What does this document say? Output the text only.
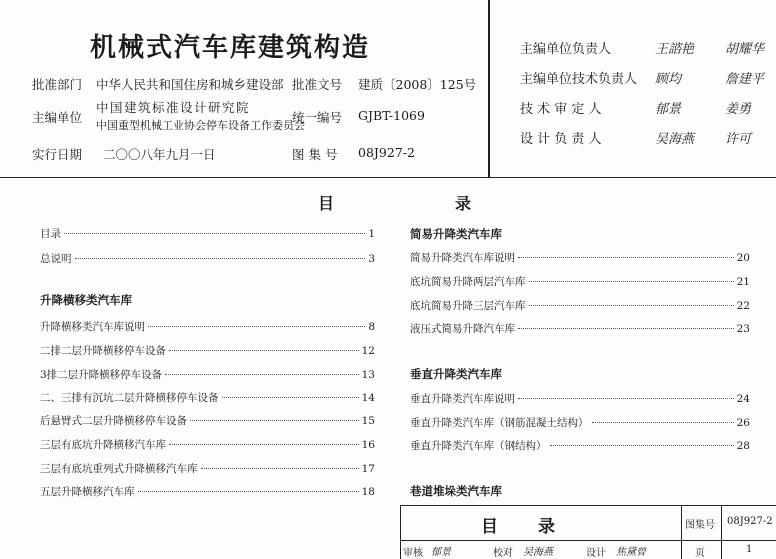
机械式汽车库建筑构造
批准部门 中华人民共和国住房和城乡建设部 批准文号 建质〔2008〕125号
主编单位
中国建筑标准设计研究院
中国重型机械工业协会停车设备工作委员会
统一编号 GJBT-1069
实行日期 二〇〇八年九月一日	图 集 号 08J927-2
主编单位负责人	王諮艳 胡耀华
主编单位技术负责人 顾均	詹建平
技 术 审 定 人	郁景	姜勇
设 计 负 责 人	吴海燕 许可
目	录
目录	1
总说明	3
升降横移类汽车库
升降横移类汽车库说明	8
二排二层升降横移停车设备	12
3排二层升降横移停车设备	13
二、三排有沉坑二层升降横移停车设备	14
后悬臂式二层升降横移停车设备	15
三层有底坑升降横移汽车库	16
三层有底坑重列式升降横移汽车库	17
五层升降横移汽车库	18
简易升降类汽车库
简易升降类汽车库说明	20
底坑简易升降两层汽车库	21
底坑简易升降三层汽车库	22
液压式简易升降汽车库	23
垂直升降类汽车库
垂直升降类汽车库说明	24
垂直升降类汽车库（钢筋混凝土结构）	26
垂直升降类汽车库（钢结构）	28
巷道堆垛类汽车库
目录	图集号 08J927-2
页	1
审核 郁景	校对 吴海燕	设计 焦黛曾
